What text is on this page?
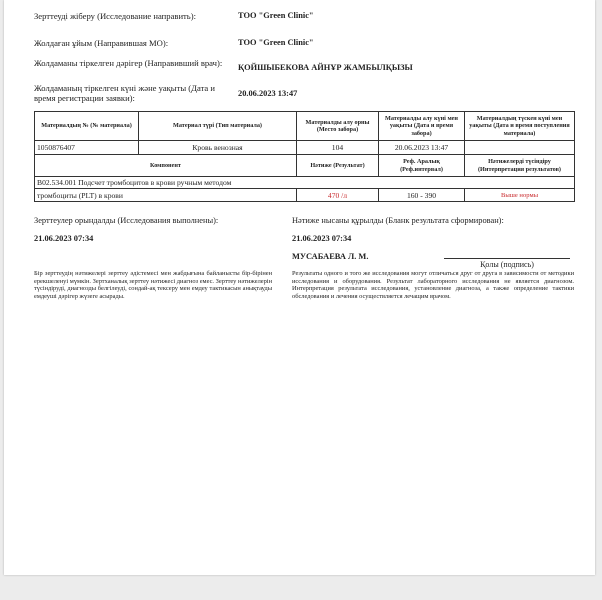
Зерттеуді жіберу (Исследование направить):	ТОО "Green Clinic"
Жолдаған ұйым (Направившая МО):	ТОО "Green Clinic"
Жолдаманы тіркелген дәрігер (Направивший врач): ҚОЙШЫБЕКОВА АЙНҰР ЖАМБЫЛҚЫЗЫ
Жолдаманың тіркелген күні және уақыты (Дата и время регистрации заявки):	20.06.2023 13:47
Материалдың № (№ материала)	Материал түрі (Тип материала)	Материалды алу орны (Место забора)	Материалды алу күні мен уақыты (Дата и время забора)	Материалдың түскен күні мен уақыты (Дата и время поступления материала)
1050876407	Кровь венозная	104	20.06.2023 13:47	
Компонент		Нәтиже (Результат)	Реф. Аралық (Реф.интервал)	Нәтижелерді түсіндіру (Интерпретация результатов)
B02.534.001 Подсчет тромбоцитов в крови ручным методом				
тромбоциты (PLT) в крови		470 /л	160 - 390	Выше нормы
Зерттеулер орындалды (Исследования выполнены):	Нәтиже нысаны құрылды (Бланк результата сформирован):
21.06.2023 07:34	21.06.2023 07:34
МУСАБАЕВА Л. М.
Қолы (подпись)
Бір зерттеудің нәтижелері зерттеу әдістемесі мен жабдығына байланысты бір-бірінен ерекшеленуі мүмкін. Зертханалық зерттеу нәтижесі диагноз емес. Зерттеу нәтижелерін түсіндіруді, диагнозды белгілеуді, сондай-ақ тексеру мен емдеу тактикасын анықтауды емдеуші дәрігер жүзеге асырады.
Результаты одного и того же исследования могут отличаться друг от друга в зависимости от методики исследования и оборудования. Результат лабораторного исследования не является диагнозом. Интерпретация результата исследования, установление диагноза, а также определение тактики обследования и лечения осуществляется лечащим врачом.
